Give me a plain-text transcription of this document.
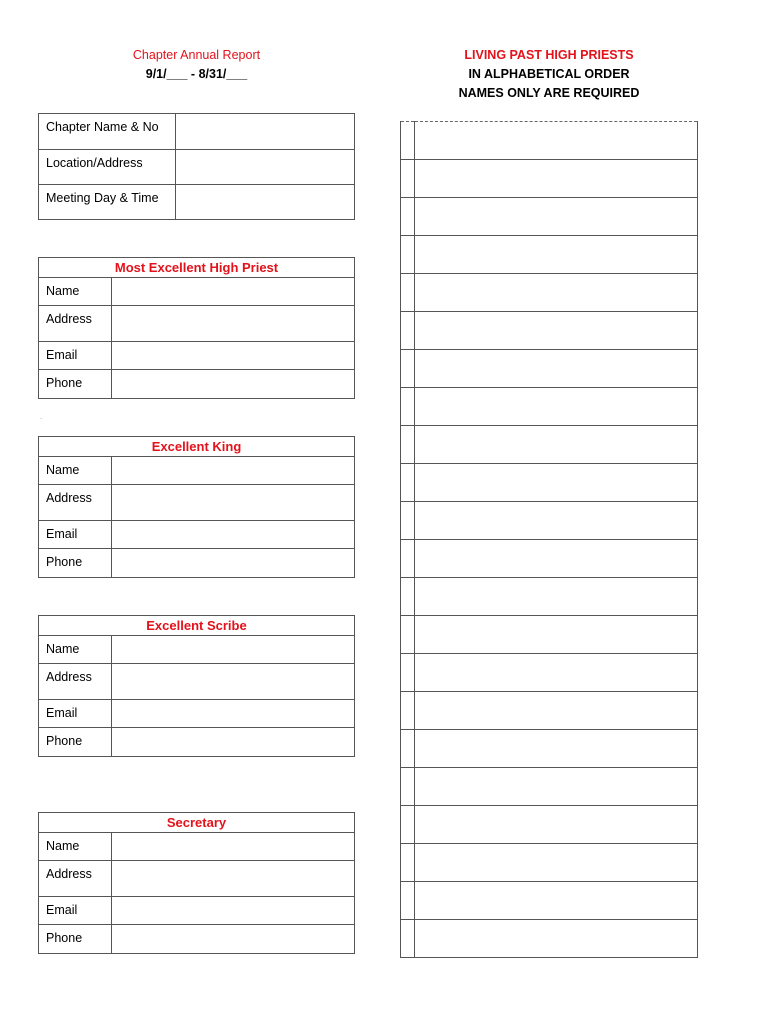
Chapter Annual Report
9/1/___ - 8/31/___
LIVING PAST HIGH PRIESTS
IN ALPHABETICAL ORDER
NAMES ONLY ARE REQUIRED
Chapter Name & No	
Location/Address	
Meeting Day & Time	
Most Excellent High Priest	
Name	
Address	
Email	
Phone	
.
Excellent King	
Name	
Address	
Email	
Phone	
Excellent Scribe	
Name	
Address	
Email	
Phone	
Secretary	
Name	
Address	
Email	
Phone	
